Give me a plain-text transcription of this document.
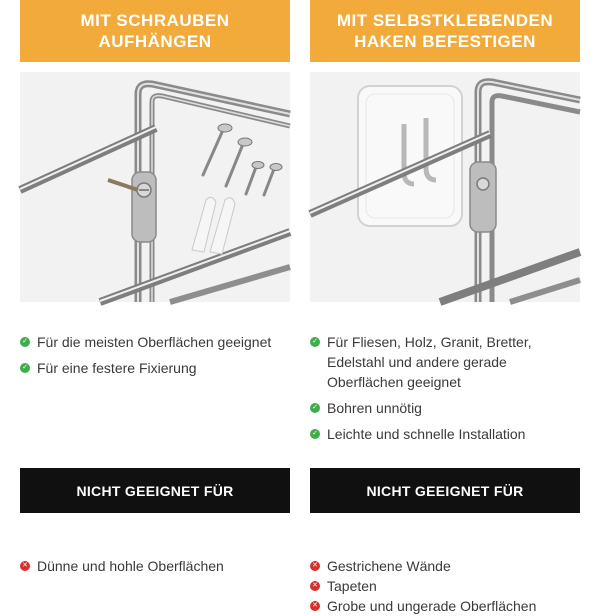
MIT SCHRAUBEN
AUFHÄNGEN
✓ Für die meisten Oberflächen geeignet
✓ Für eine festere Fixierung
MIT SELBSTKLEBENDEN
HAKEN BEFESTIGEN
✓ Für Fliesen, Holz, Granit, Bretter, Edelstahl und andere gerade Oberflächen geeignet
✓ Bohren unnötig
✓ Leichte und schnelle Installation
NICHT GEEIGNET FÜR	NICHT GEEIGNET FÜR
✕ Dünne und hohle Oberflächen	✕ Gestrichene Wände
✕ Tapeten
✕ Grobe und ungerade Oberflächen
